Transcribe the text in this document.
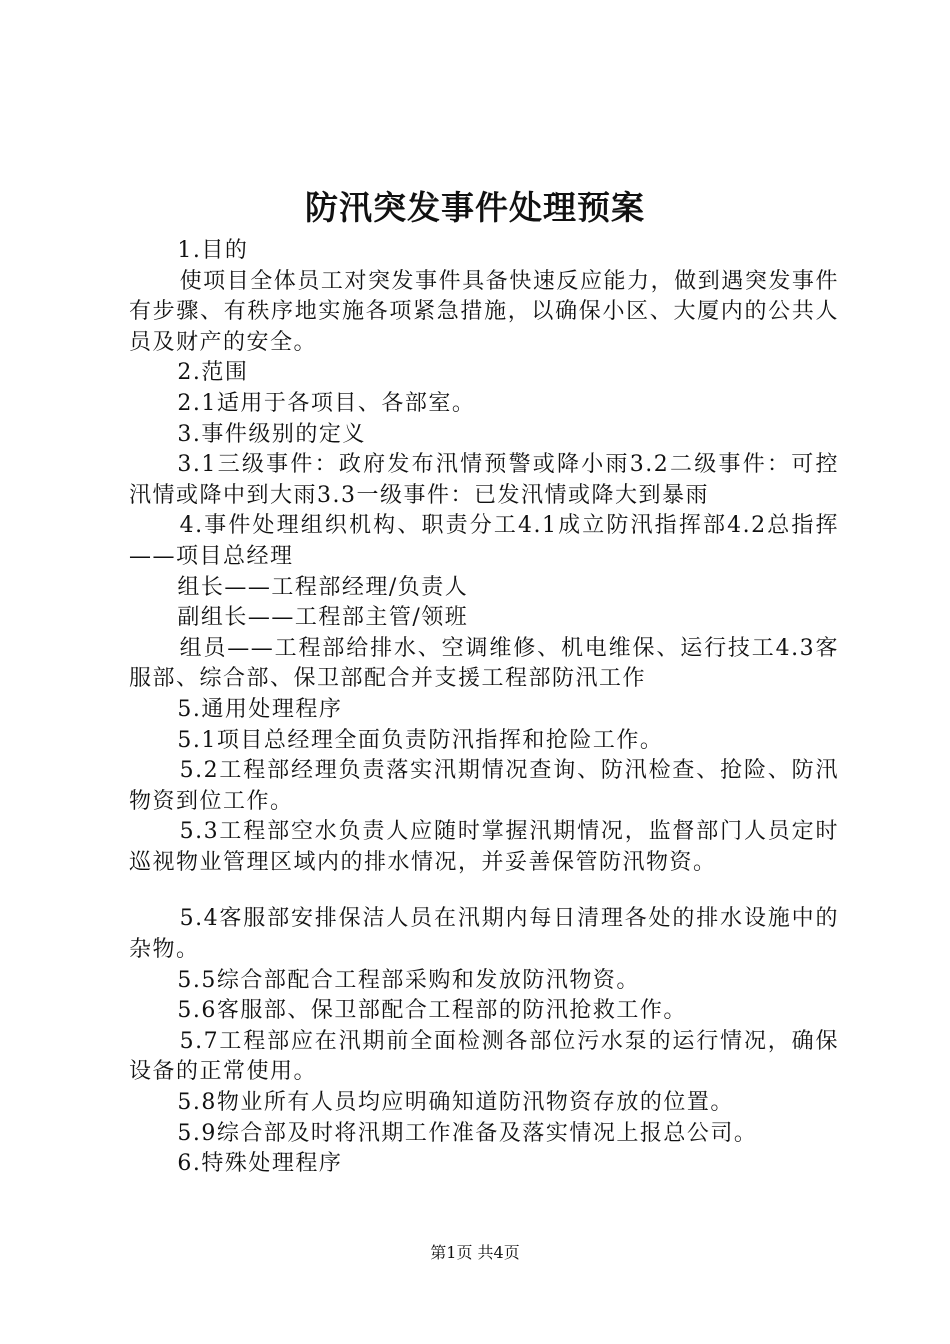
防汛突发事件处理预案

1.目的

使项目全体员工对突发事件具备快速反应能力，做到遇突发事件有步骤、有秩序地实施各项紧急措施，以确保小区、大厦内的公共人员及财产的安全。

2.范围

2.1适用于各项目、各部室。

3.事件级别的定义

3.1三级事件：政府发布汛情预警或降小雨3.2二级事件：可控汛情或降中到大雨3.3一级事件：已发汛情或降大到暴雨

4.事件处理组织机构、职责分工4.1成立防汛指挥部4.2总指挥——项目总经理

组长——工程部经理/负责人

副组长——工程部主管/领班

组员——工程部给排水、空调维修、机电维保、运行技工4.3客服部、综合部、保卫部配合并支援工程部防汛工作

5.通用处理程序

5.1项目总经理全面负责防汛指挥和抢险工作。

5.2工程部经理负责落实汛期情况查询、防汛检查、抢险、防汛物资到位工作。

5.3工程部空水负责人应随时掌握汛期情况，监督部门人员定时巡视物业管理区域内的排水情况，并妥善保管防汛物资。

5.4客服部安排保洁人员在汛期内每日清理各处的排水设施中的杂物。

5.5综合部配合工程部采购和发放防汛物资。

5.6客服部、保卫部配合工程部的防汛抢救工作。

5.7工程部应在汛期前全面检测各部位污水泵的运行情况，确保设备的正常使用。

5.8物业所有人员均应明确知道防汛物资存放的位置。

5.9综合部及时将汛期工作准备及落实情况上报总公司。

6.特殊处理程序

第1页 共4页
